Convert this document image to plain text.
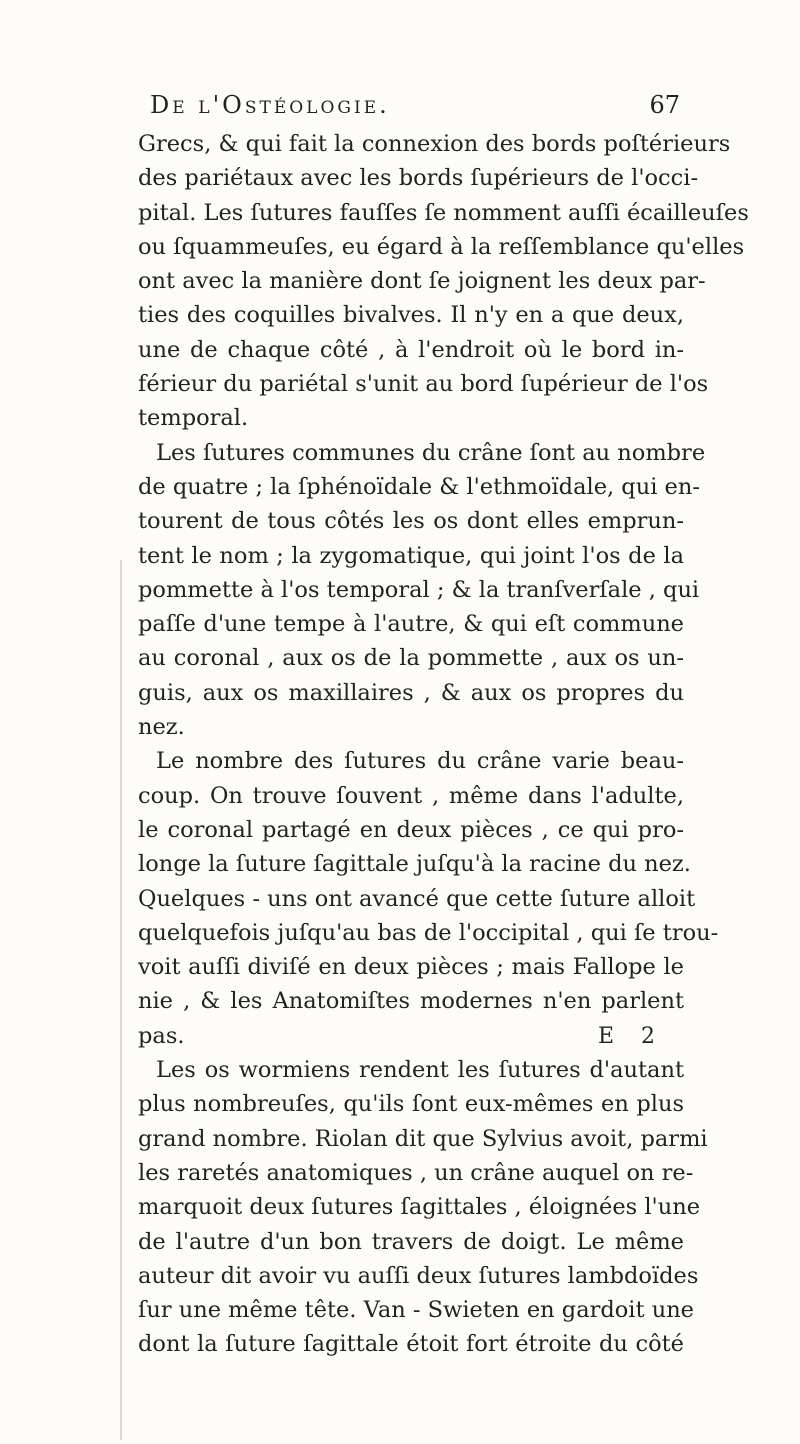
De l'Ostéologie.	67
Grecs, & qui fait la connexion des bords poſtérieurs
des pariétaux avec les bords ſupérieurs de l'occi-
pital. Les ſutures fauſſes ſe nomment auſſi écailleuſes
ou ſquammeuſes, eu égard à la reſſemblance qu'elles
ont avec la manière dont ſe joignent les deux par-
ties des coquilles bivalves. Il n'y en a que deux,
une de chaque côté , à l'endroit où le bord in-
férieur du pariétal s'unit au bord ſupérieur de l'os
temporal.
Les ſutures communes du crâne ſont au nombre
de quatre ; la ſphénoïdale & l'ethmoïdale, qui en-
tourent de tous côtés les os dont elles emprun-
tent le nom ; la zygomatique, qui joint l'os de la
pommette à l'os temporal ; & la tranſverſale , qui
paſſe d'une tempe à l'autre, & qui eſt commune
au coronal , aux os de la pommette , aux os un-
guis, aux os maxillaires , & aux os propres du
nez.
Le nombre des ſutures du crâne varie beau-
coup. On trouve ſouvent , même dans l'adulte,
le coronal partagé en deux pièces , ce qui pro-
longe la ſuture ſagittale juſqu'à la racine du nez.
Quelques - uns ont avancé que cette ſuture alloit
quelquefois juſqu'au bas de l'occipital , qui ſe trou-
voit auſſi diviſé en deux pièces ; mais Fallope le
nie , & les Anatomiſtes modernes n'en parlent
pas.
Les os wormiens rendent les ſutures d'autant
plus nombreuſes, qu'ils ſont eux-mêmes en plus
grand nombre. Riolan dit que Sylvius avoit, parmi
les raretés anatomiques , un crâne auquel on re-
marquoit deux ſutures ſagittales , éloignées l'une
de l'autre d'un bon travers de doigt. Le même
auteur dit avoir vu auſſi deux ſutures lambdoïdes
ſur une même tête. Van - Swieten en gardoit une
dont la ſuture ſagittale étoit fort étroite du côté
E 2
